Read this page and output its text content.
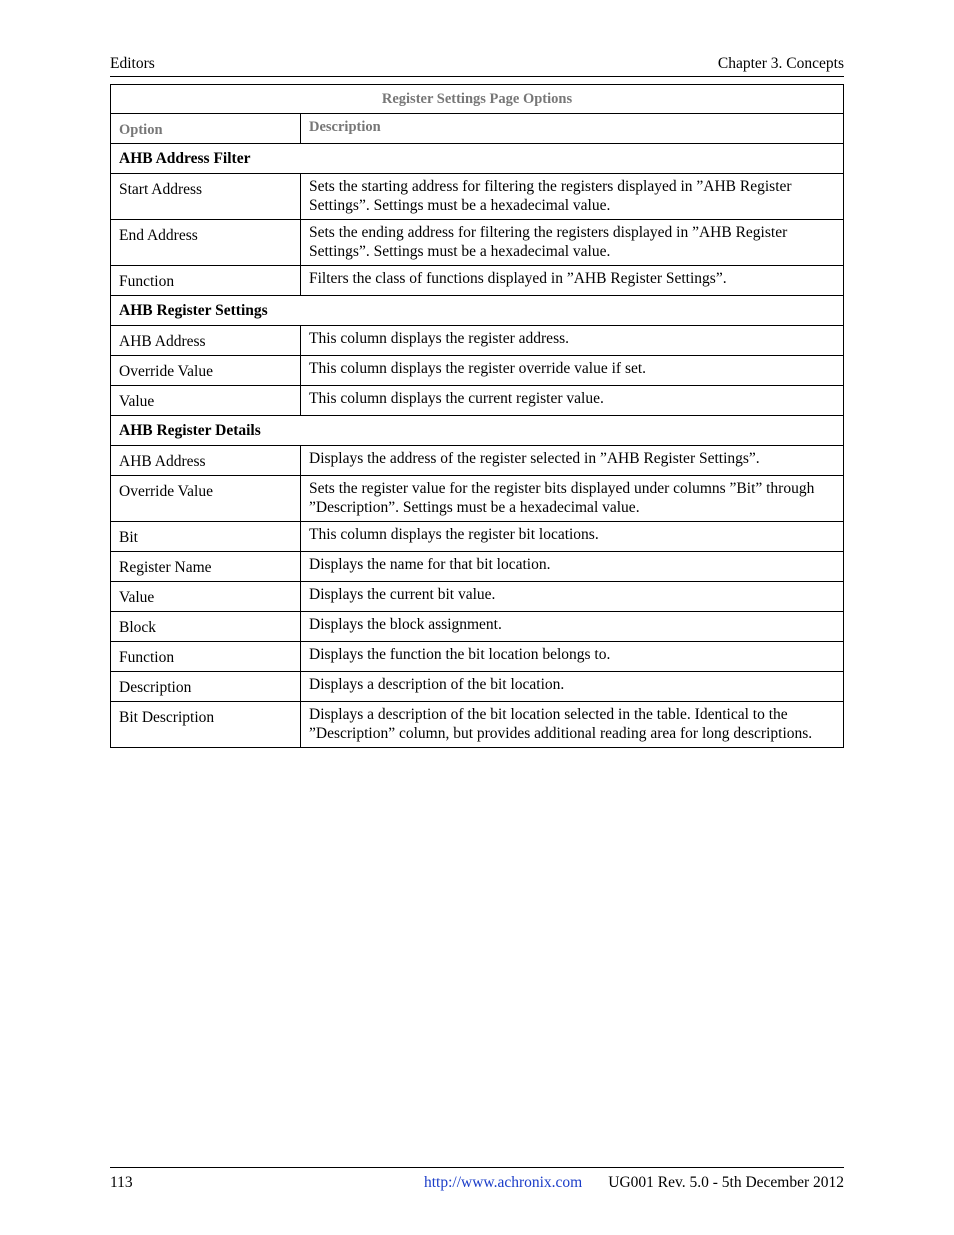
Editors	Chapter 3. Concepts
Register Settings Page Options	
Option	Description
AHB Address Filter	
Start Address	Sets the starting address for filtering the registers displayed in ”AHB Register Settings”. Settings must be a hexadecimal value.
End Address	Sets the ending address for filtering the registers displayed in ”AHB Register Settings”. Settings must be a hexadecimal value.
Function	Filters the class of functions displayed in ”AHB Register Settings”.
AHB Register Settings	
AHB Address	This column displays the register address.
Override Value	This column displays the register override value if set.
Value	This column displays the current register value.
AHB Register Details	
AHB Address	Displays the address of the register selected in ”AHB Register Settings”.
Override Value	Sets the register value for the register bits displayed under columns ”Bit” through ”Description”. Settings must be a hexadecimal value.
Bit	This column displays the register bit locations.
Register Name	Displays the name for that bit location.
Value	Displays the current bit value.
Block	Displays the block assignment.
Function	Displays the function the bit location belongs to.
Description	Displays a description of the bit location.
Bit Description	Displays a description of the bit location selected in the table. Identical to the ”Description” column, but provides additional reading area for long descriptions.
113	http://www.achronix.com UG001 Rev. 5.0 - 5th December 2012
